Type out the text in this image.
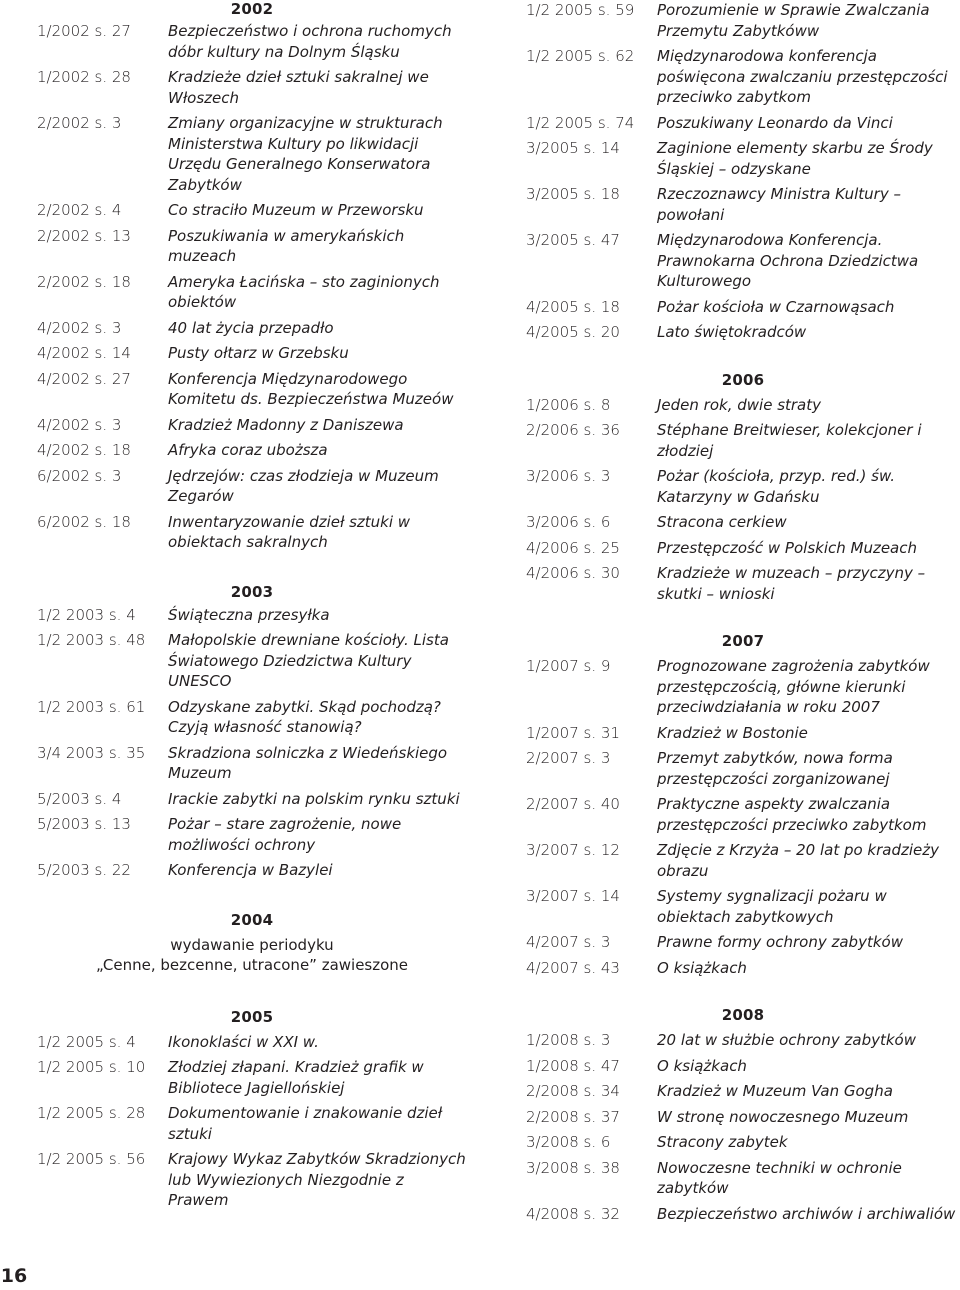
2002
1/2002 s. 27	Bezpieczeństwo i ochrona ruchomych dóbr kultury na Dolnym Śląsku
1/2002 s. 28	Kradzieże dzieł sztuki sakralnej we Włoszech
2/2002 s. 3	Zmiany organizacyjne w strukturach Ministerstwa Kultury po likwidacji Urzędu Generalnego Konserwatora Zabytków
2/2002 s. 4	Co straciło Muzeum w Przeworsku
2/2002 s. 13	Poszukiwania w amerykańskich muzeach
2/2002 s. 18	Ameryka Łacińska – sto zaginionych obiektów
4/2002 s. 3	40 lat życia przepadło
4/2002 s. 14	Pusty ołtarz w Grzebsku
4/2002 s. 27	Konferencja Międzynarodowego Komitetu ds. Bezpieczeństwa Muzeów
4/2002 s. 3	Kradzież Madonny z Daniszewa
4/2002 s. 18	Afryka coraz uboższa
6/2002 s. 3	Jędrzejów: czas złodzieja w Muzeum Zegarów
6/2002 s. 18	Inwentaryzowanie dzieł sztuki w obiektach sakralnych
2003
1/2 2003 s. 4	Świąteczna przesyłka
1/2 2003 s. 48	Małopolskie drewniane kościoły. Lista Światowego Dziedzictwa Kultury UNESCO
1/2 2003 s. 61	Odzyskane zabytki. Skąd pochodzą? Czyją własność stanowią?
3/4 2003 s. 35	Skradziona solniczka z Wiedeńskiego Muzeum
5/2003 s. 4	Irackie zabytki na polskim rynku sztuki
5/2003 s. 13	Pożar – stare zagrożenie, nowe możliwości ochrony
5/2003 s. 22	Konferencja w Bazylei
2004
wydawanie periodyku
„Cenne, bezcenne, utracone” zawieszone
2005
1/2 2005 s. 4	Ikonoklaści w XXI w.
1/2 2005 s. 10	Złodziej złapani. Kradzież grafik w Bibliotece Jagiellońskiej
1/2 2005 s. 28	Dokumentowanie i znakowanie dzieł sztuki
1/2 2005 s. 56	Krajowy Wykaz Zabytków Skradzionych lub Wywiezionych Niezgodnie z Prawem
1/2 2005 s. 59	Porozumienie w Sprawie Zwalczania Przemytu Zabytkóww
1/2 2005 s. 62	Międzynarodowa konferencja poświęcona zwalczaniu przestępczości przeciwko zabytkom
1/2 2005 s. 74	Poszukiwany Leonardo da Vinci
3/2005 s. 14	Zaginione elementy skarbu ze Środy Śląskiej – odzyskane
3/2005 s. 18	Rzeczoznawcy Ministra Kultury – powołani
3/2005 s. 47	Międzynarodowa Konferencja. Prawnokarna Ochrona Dziedzictwa Kulturowego
4/2005 s. 18	Pożar kościoła w Czarnowąsach
4/2005 s. 20	Lato świętokradców
2006
1/2006 s. 8	Jeden rok, dwie straty
2/2006 s. 36	Stéphane Breitwieser, kolekcjoner i złodziej
3/2006 s. 3	Pożar (kościoła, przyp. red.) św. Katarzyny w Gdańsku
3/2006 s. 6	Stracona cerkiew
4/2006 s. 25	Przestępczość w Polskich Muzeach
4/2006 s. 30	Kradzieże w muzeach – przyczyny – skutki – wnioski
2007
1/2007 s. 9	Prognozowane zagrożenia zabytków przestępczością, główne kierunki przeciwdziałania w roku 2007
1/2007 s. 31	Kradzież w Bostonie
2/2007 s. 3	Przemyt zabytków, nowa forma przestępczości zorganizowanej
2/2007 s. 40	Praktyczne aspekty zwalczania przestępczości przeciwko zabytkom
3/2007 s. 12	Zdjęcie z Krzyża – 20 lat po kradzieży obrazu
3/2007 s. 14	Systemy sygnalizacji pożaru w obiektach zabytkowych
4/2007 s. 3	Prawne formy ochrony zabytków
4/2007 s. 43	O książkach
2008
1/2008 s. 3	20 lat w służbie ochrony zabytków
1/2008 s. 47	O książkach
2/2008 s. 34	Kradzież w Muzeum Van Gogha
2/2008 s. 37	W stronę nowoczesnego Muzeum
3/2008 s. 6	Stracony zabytek
3/2008 s. 38	Nowoczesne techniki w ochronie zabytków
4/2008 s. 32	Bezpieczeństwo archiwów i archiwaliów
16
